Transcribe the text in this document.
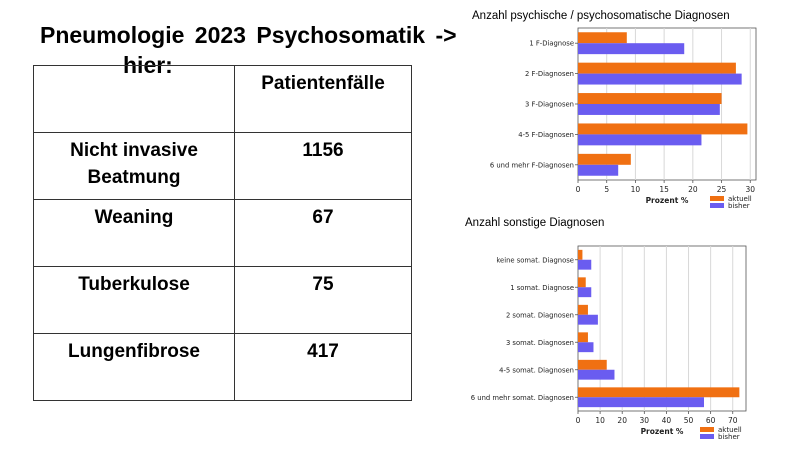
Pneumologie 2023 Psychosomatik ->
hier:
	Patientenfälle
Nicht invasive Beatmung	1156
Weaning	67
Tuberkulose	75
Lungenfibrose	417
Anzahl psychische / psychosomatische Diagnosen
0	5	10	15	20	25	30
1 F-Diagnose
2 F-Diagnosen
3 F-Diagnosen
4-5 F-Diagnosen
6 und mehr F-Diagnosen
Prozent %	aktuell
bisher
Anzahl sonstige Diagnosen
0 10 20 30 40 50 60 70
keine somat. Diagnose
1 somat. Diagnose
2 somat. Diagnosen
3 somat. Diagnosen
4-5 somat. Diagnosen
6 und mehr somat. Diagnosen
Prozent %	aktuell
bisher
